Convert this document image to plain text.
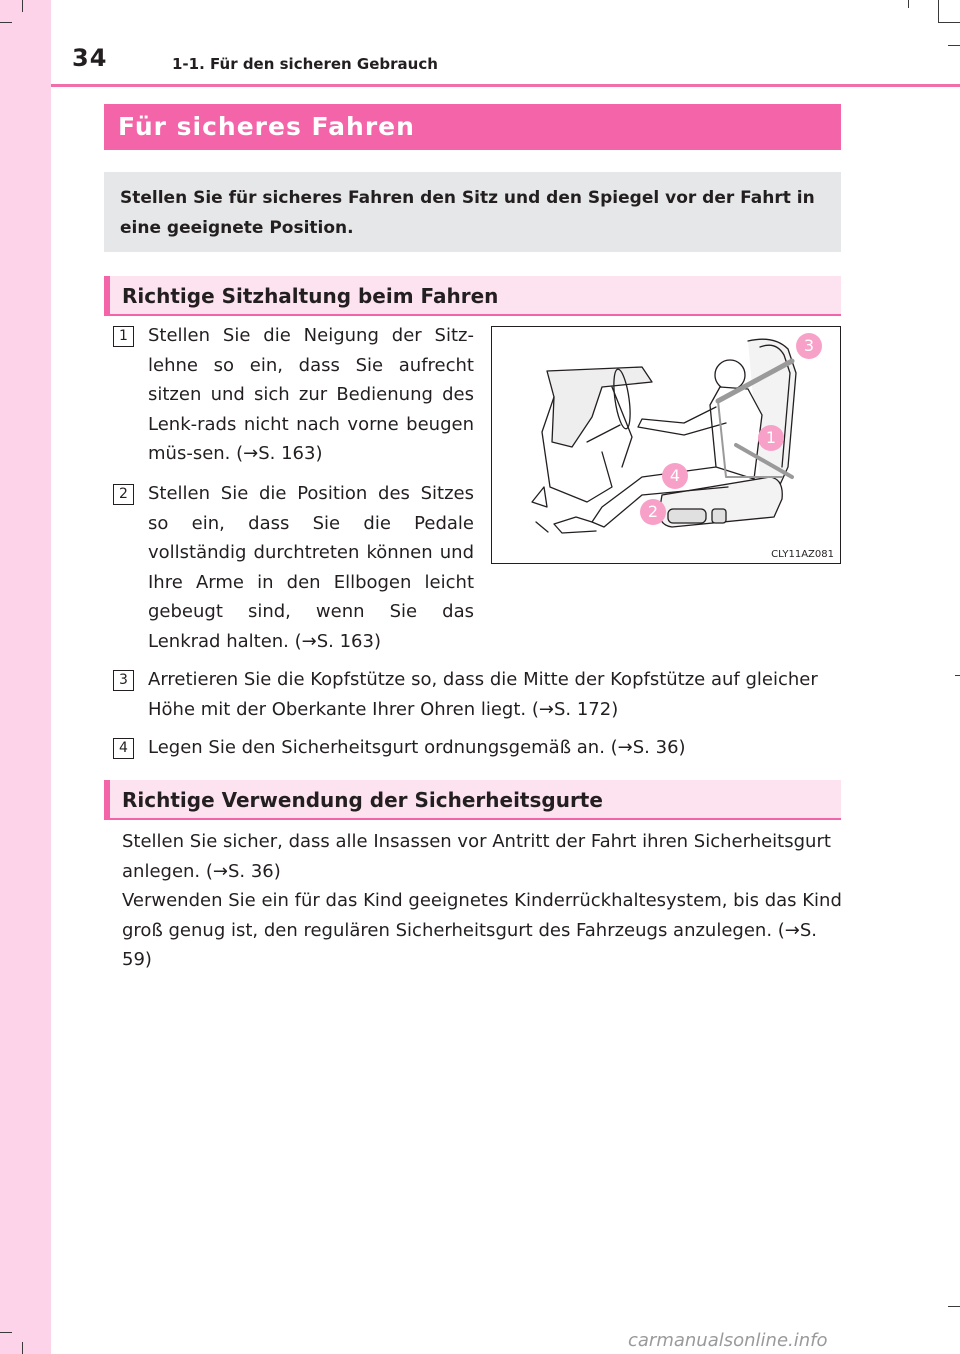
34	1-1. Für den sicheren Gebrauch
Für sicheres Fahren
Stellen Sie für sicheres Fahren den Sitz und den Spiegel vor der Fahrt in eine geeignete Position.
Richtige Sitzhaltung beim Fahren
1	Stellen Sie die Neigung der Sitz-lehne so ein, dass Sie aufrecht sitzen und sich zur Bedienung des Lenk-rads nicht nach vorne beugen müs-sen. (→S. 163)
2	Stellen Sie die Position des Sitzes so ein, dass Sie die Pedale vollständig durchtreten können und Ihre Arme in den Ellbogen leicht gebeugt sind, wenn Sie das Lenkrad halten. (→S. 163)
3
1
4
2
CLY11AZ081
3	Arretieren Sie die Kopfstütze so, dass die Mitte der Kopfstütze auf gleicher Höhe mit der Oberkante Ihrer Ohren liegt. (→S. 172)
4	Legen Sie den Sicherheitsgurt ordnungsgemäß an. (→S. 36)
Richtige Verwendung der Sicherheitsgurte
Stellen Sie sicher, dass alle Insassen vor Antritt der Fahrt ihren Sicherheitsgurt anlegen. (→S. 36)
Verwenden Sie ein für das Kind geeignetes Kinderrückhaltesystem, bis das Kind groß genug ist, den regulären Sicherheitsgurt des Fahrzeugs anzulegen. (→S. 59)
carmanualsonline.info
